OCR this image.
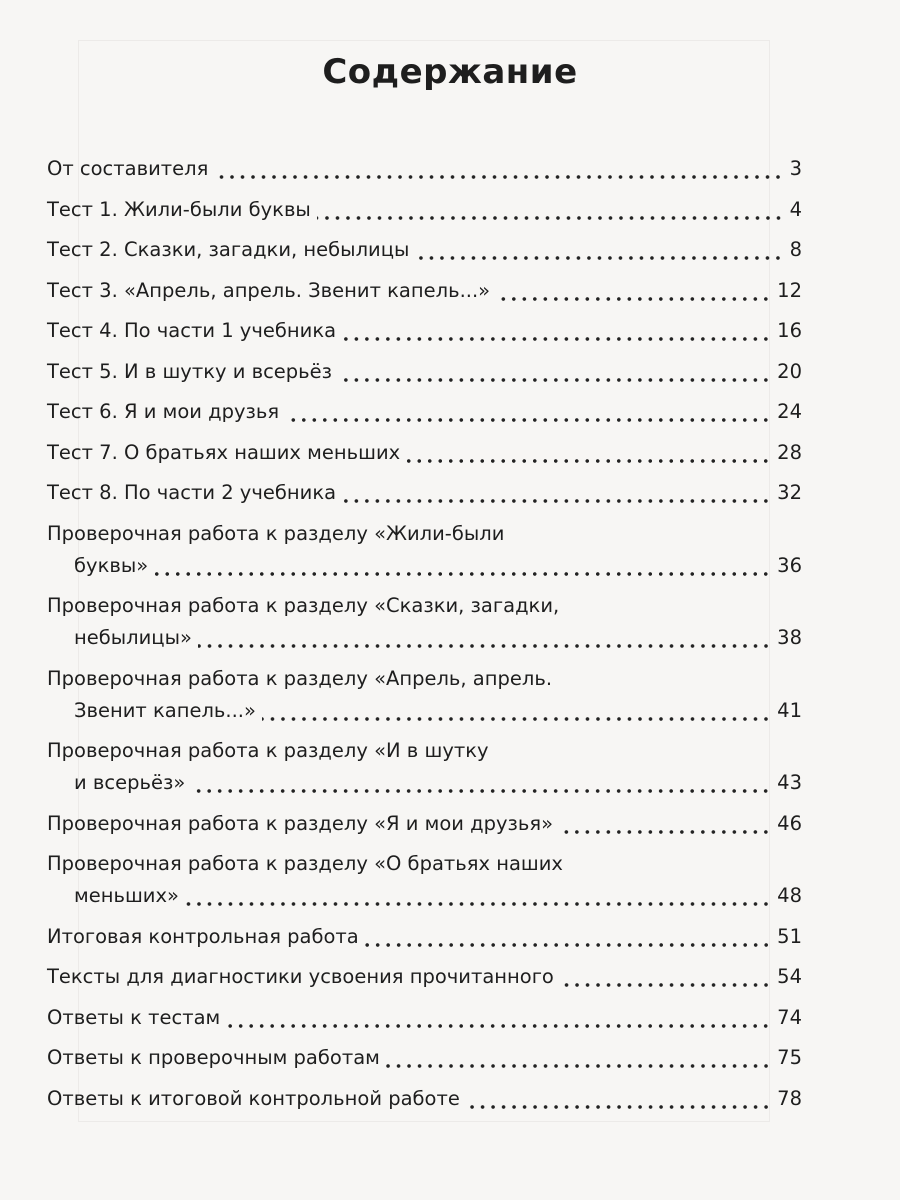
Содержание
От составителя	3
Тест 1. Жили-были буквы	4
Тест 2. Сказки, загадки, небылицы	8
Тест 3. «Апрель, апрель. Звенит капель...»	12
Тест 4. По части 1 учебника	16
Тест 5. И в шутку и всерьёз	20
Тест 6. Я и мои друзья	24
Тест 7. О братьях наших меньших	28
Тест 8. По части 2 учебника	32
Проверочная работа к разделу «Жили-были
буквы»	36
Проверочная работа к разделу «Сказки, загадки,
небылицы»	38
Проверочная работа к разделу «Апрель, апрель.
Звенит капель...»	41
Проверочная работа к разделу «И в шутку
и всерьёз»	43
Проверочная работа к разделу «Я и мои друзья»	46
Проверочная работа к разделу «О братьях наших
меньших»	48
Итоговая контрольная работа	51
Тексты для диагностики усвоения прочитанного	54
Ответы к тестам	74
Ответы к проверочным работам	75
Ответы к итоговой контрольной работе	78
